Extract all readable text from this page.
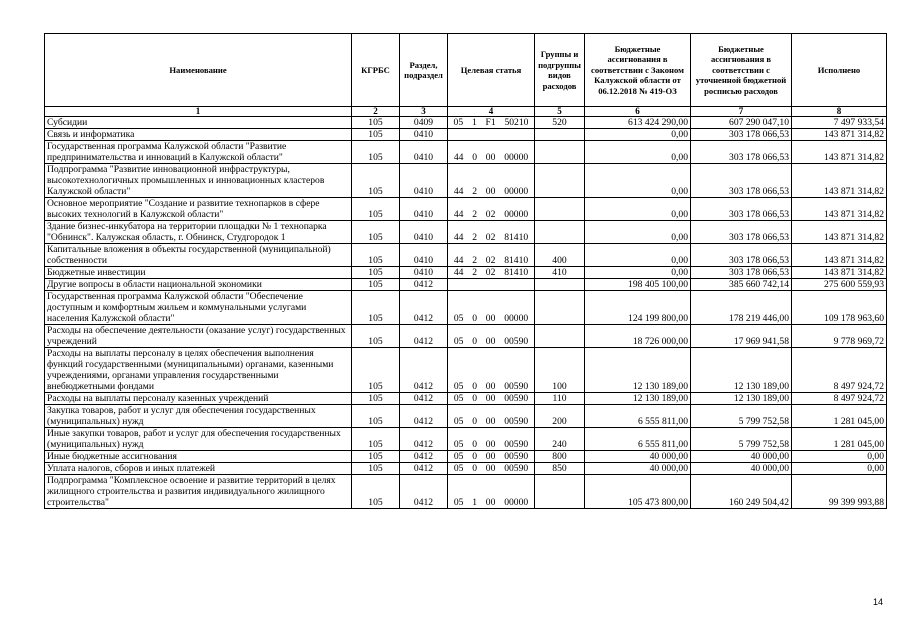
Наименование	КГРБС	Раздел, подраздел	Целевая статья	Группы и подгруппы видов расходов	Бюджетные ассигнования в соответствии с Законом Калужской области от 06.12.2018 № 419-ОЗ	Бюджетные ассигнования в соответствии с уточненной бюджетной росписью расходов	Исполнено
1	2	3	4	5	6	7	8
Субсидии	105	0409	05  1  F1  50210	520	613 424 290,00	607 290 047,10	7 497 933,54
Связь и информатика	105	0410			0,00	303 178 066,53	143 871 314,82
Государственная программа Калужской области "Развитие предпринимательства и инноваций в Калужской области"	105	0410	44  0  00  00000		0,00	303 178 066,53	143 871 314,82
Подпрограмма "Развитие инновационной инфраструктуры, высокотехнологичных промышленных и инновационных кластеров Калужской области"	105	0410	44  2  00  00000		0,00	303 178 066,53	143 871 314,82
Основное мероприятие "Создание и развитие технопарков в сфере высоких технологий в Калужской области"	105	0410	44  2  02  00000		0,00	303 178 066,53	143 871 314,82
Здание бизнес-инкубатора на территории площадки № 1 технопарка "Обнинск". Калужская область, г. Обнинск, Студгородок 1	105	0410	44  2  02  81410		0,00	303 178 066,53	143 871 314,82
Капитальные вложения в объекты государственной (муниципальной) собственности	105	0410	44  2  02  81410	400	0,00	303 178 066,53	143 871 314,82
Бюджетные инвестиции	105	0410	44  2  02  81410	410	0,00	303 178 066,53	143 871 314,82
Другие вопросы в области национальной экономики	105	0412			198 405 100,00	385 660 742,14	275 600 559,93
Государственная программа Калужской области "Обеспечение доступным и комфортным жильем и коммунальными услугами населения Калужской области"	105	0412	05  0  00  00000		124 199 800,00	178 219 446,00	109 178 963,60
Расходы на обеспечение деятельности (оказание услуг) государственных учреждений	105	0412	05  0  00  00590		18 726 000,00	17 969 941,58	9 778 969,72
Расходы на выплаты персоналу в целях обеспечения выполнения функций государственными (муниципальными) органами, казенными учреждениями, органами управления государственными внебюджетными фондами	105	0412	05  0  00  00590	100	12 130 189,00	12 130 189,00	8 497 924,72
Расходы на выплаты персоналу казенных учреждений	105	0412	05  0  00  00590	110	12 130 189,00	12 130 189,00	8 497 924,72
Закупка товаров, работ и услуг для обеспечения государственных (муниципальных) нужд	105	0412	05  0  00  00590	200	6 555 811,00	5 799 752,58	1 281 045,00
Иные закупки товаров, работ и услуг для обеспечения государственных (муниципальных) нужд	105	0412	05  0  00  00590	240	6 555 811,00	5 799 752,58	1 281 045,00
Иные бюджетные ассигнования	105	0412	05  0  00  00590	800	40 000,00	40 000,00	0,00
Уплата налогов, сборов и иных платежей	105	0412	05  0  00  00590	850	40 000,00	40 000,00	0,00
Подпрограмма "Комплексное освоение и развитие территорий в целях жилищного строительства и развития индивидуального жилищного строительства"	105	0412	05  1  00  00000		105 473 800,00	160 249 504,42	99 399 993,88
14
